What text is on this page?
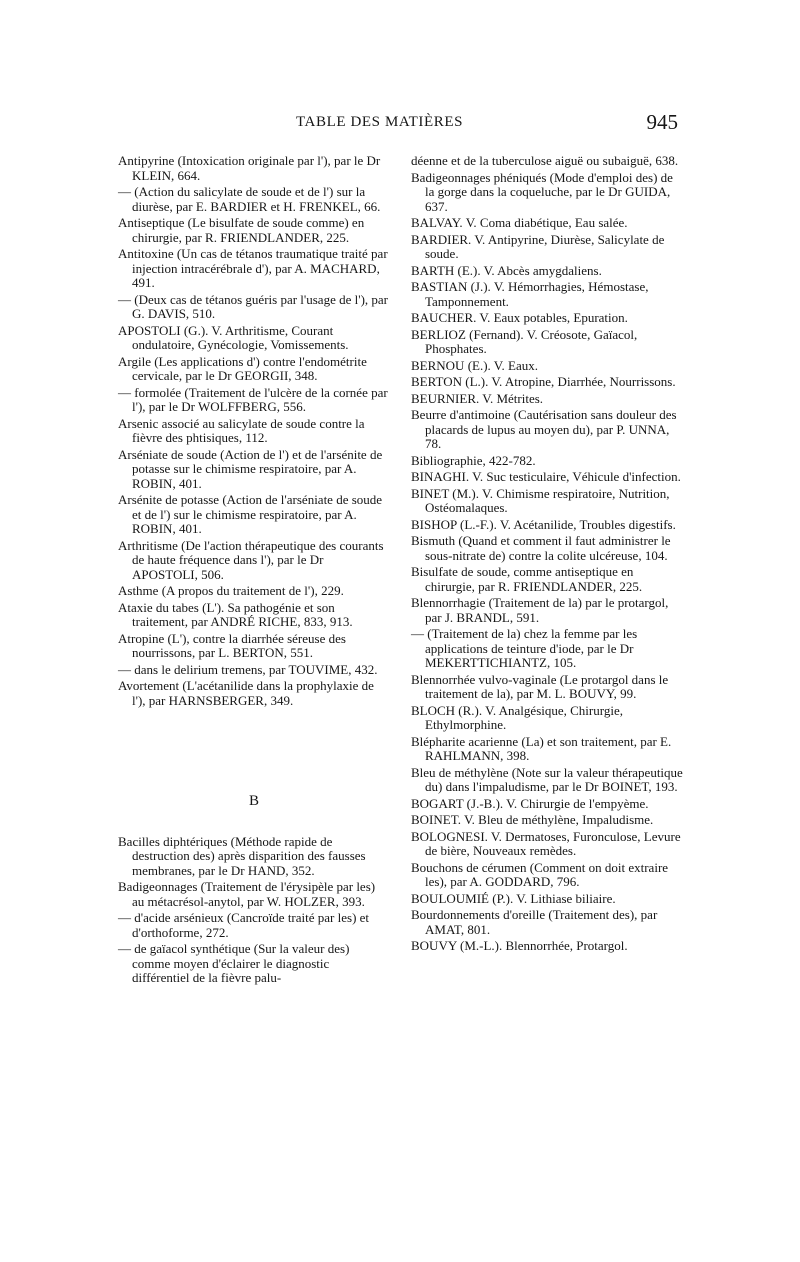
TABLE DES MATIÈRES	945

Antipyrine (Intoxication originale par l'), par le Dr KLEIN, 664.

— (Action du salicylate de soude et de l') sur la diurèse, par E. BARDIER et H. FRENKEL, 66.

Antiseptique (Le bisulfate de soude comme) en chirurgie, par R. FRIENDLANDER, 225.

Antitoxine (Un cas de tétanos traumatique traité par injection intracérébrale d'), par A. MACHARD, 491.

— (Deux cas de tétanos guéris par l'usage de l'), par G. DAVIS, 510.

APOSTOLI (G.). V. Arthritisme, Courant ondulatoire, Gynécologie, Vomissements.

Argile (Les applications d') contre l'endométrite cervicale, par le Dr GEORGII, 348.

— formolée (Traitement de l'ulcère de la cornée par l'), par le Dr WOLFFBERG, 556.

Arsenic associé au salicylate de soude contre la fièvre des phtisiques, 112.

Arséniate de soude (Action de l') et de l'arsénite de potasse sur le chimisme respiratoire, par A. ROBIN, 401.

Arsénite de potasse (Action de l'arséniate de soude et de l') sur le chimisme respiratoire, par A. ROBIN, 401.

Arthritisme (De l'action thérapeutique des courants de haute fréquence dans l'), par le Dr APOSTOLI, 506.

Asthme (A propos du traitement de l'), 229.

Ataxie du tabes (L'). Sa pathogénie et son traitement, par ANDRÉ RICHE, 833, 913.

Atropine (L'), contre la diarrhée séreuse des nourrissons, par L. BERTON, 551.

— dans le delirium tremens, par TOUVIME, 432.

Avortement (L'acétanilide dans la prophylaxie de l'), par HARNSBERGER, 349.

B

Bacilles diphtériques (Méthode rapide de destruction des) après disparition des fausses membranes, par le Dr HAND, 352.

Badigeonnages (Traitement de l'érysipèle par les) au métacrésol-anytol, par W. HOLZER, 393.

— d'acide arsénieux (Cancroïde traité par les) et d'orthoforme, 272.

— de gaïacol synthétique (Sur la valeur des) comme moyen d'éclairer le diagnostic différentiel de la fièvre palu-

déenne et de la tuberculose aiguë ou subaiguë, 638.

Badigeonnages phéniqués (Mode d'emploi des) de la gorge dans la coqueluche, par le Dr GUIDA, 637.

BALVAY. V. Coma diabétique, Eau salée.

BARDIER. V. Antipyrine, Diurèse, Salicylate de soude.

BARTH (E.). V. Abcès amygdaliens.

BASTIAN (J.). V. Hémorrhagies, Hémostase, Tamponnement.

BAUCHER. V. Eaux potables, Epuration.

BERLIOZ (Fernand). V. Créosote, Gaïacol, Phosphates.

BERNOU (E.). V. Eaux.

BERTON (L.). V. Atropine, Diarrhée, Nourrissons.

BEURNIER. V. Métrites.

Beurre d'antimoine (Cautérisation sans douleur des placards de lupus au moyen du), par P. UNNA, 78.

Bibliographie, 422-782.

BINAGHI. V. Suc testiculaire, Véhicule d'infection.

BINET (M.). V. Chimisme respiratoire, Nutrition, Ostéomalaques.

BISHOP (L.-F.). V. Acétanilide, Troubles digestifs.

Bismuth (Quand et comment il faut administrer le sous-nitrate de) contre la colite ulcéreuse, 104.

Bisulfate de soude, comme antiseptique en chirurgie, par R. FRIENDLANDER, 225.

Blennorrhagie (Traitement de la) par le protargol, par J. BRANDL, 591.

— (Traitement de la) chez la femme par les applications de teinture d'iode, par le Dr MEKERTTICHIANTZ, 105.

Blennorrhée vulvo-vaginale (Le protargol dans le traitement de la), par M. L. BOUVY, 99.

BLOCH (R.). V. Analgésique, Chirurgie, Ethylmorphine.

Blépharite acarienne (La) et son traitement, par E. RAHLMANN, 398.

Bleu de méthylène (Note sur la valeur thérapeutique du) dans l'impaludisme, par le Dr BOINET, 193.

BOGART (J.-B.). V. Chirurgie de l'empyème.

BOINET. V. Bleu de méthylène, Impaludisme.

BOLOGNESI. V. Dermatoses, Furonculose, Levure de bière, Nouveaux remèdes.

Bouchons de cérumen (Comment on doit extraire les), par A. GODDARD, 796.

BOULOUMIÉ (P.). V. Lithiase biliaire.

Bourdonnements d'oreille (Traitement des), par AMAT, 801.

BOUVY (M.-L.). Blennorrhée, Protargol.
